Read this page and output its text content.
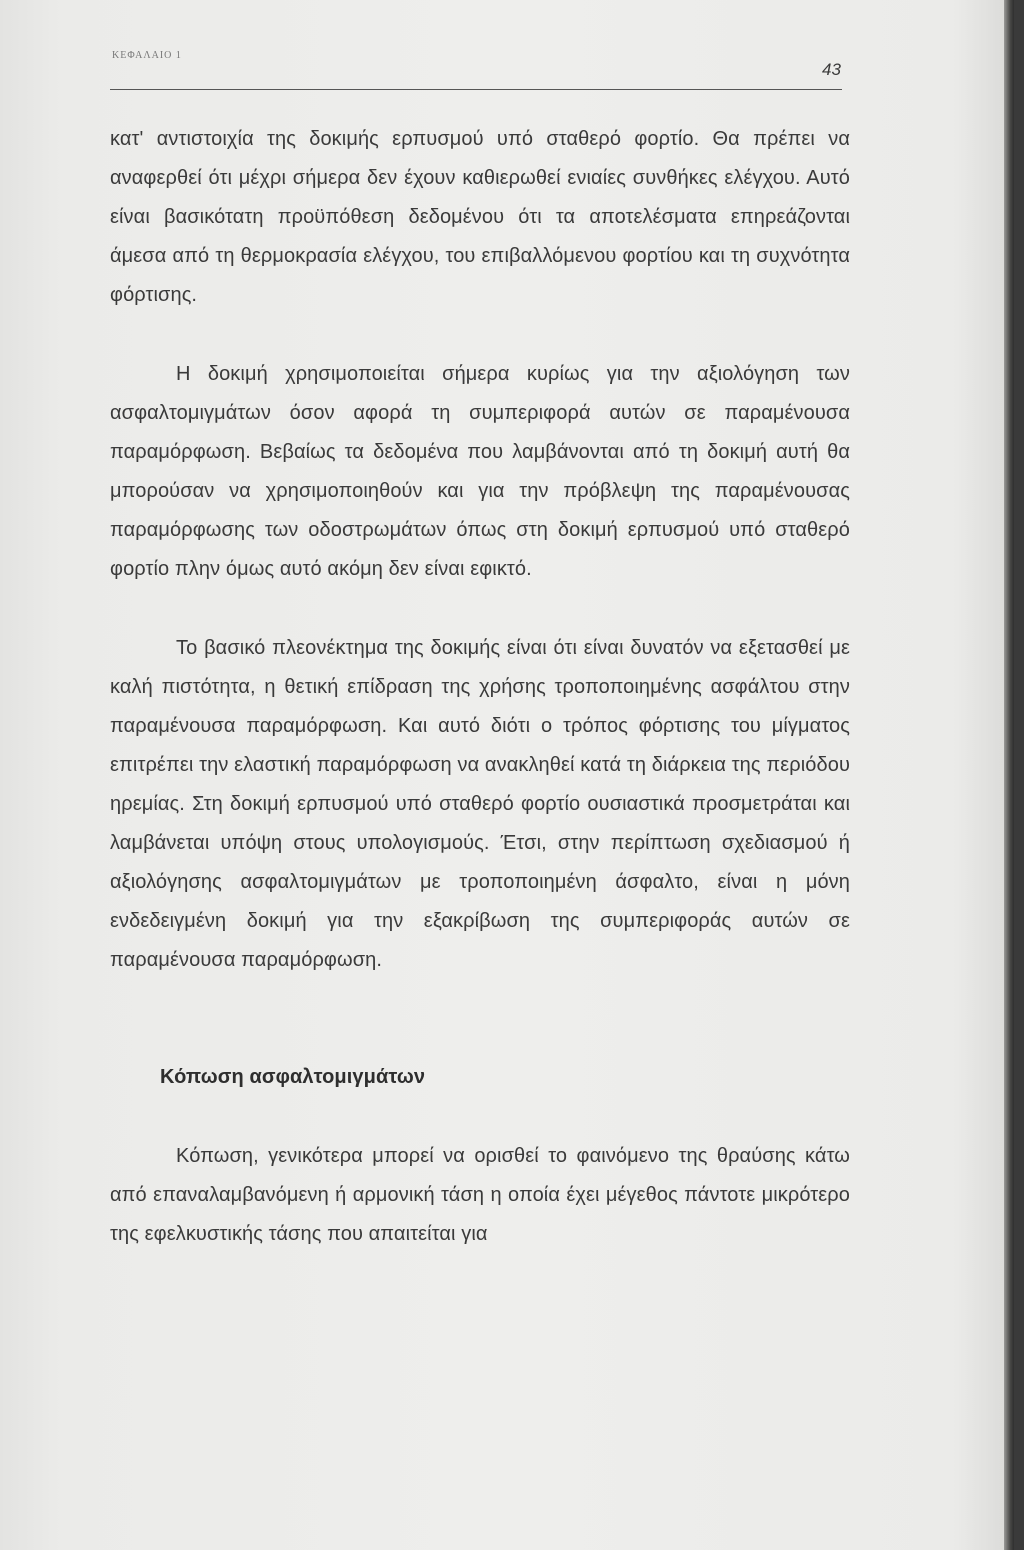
ΚΕΦΑΛΑΙΟ 1
43

κατ' αντιστοιχία της δοκιμής ερπυσμού υπό σταθερό φορτίο. Θα πρέπει να αναφερθεί ότι μέχρι σήμερα δεν έχουν καθιερωθεί ενιαίες συνθήκες ελέγχου. Αυτό είναι βασικότατη προϋπόθεση δεδομένου ότι τα αποτελέσματα επηρεάζονται άμεσα από τη θερμοκρασία ελέγχου, του επιβαλλόμενου φορτίου και τη συχνότητα φόρτισης.

Η δοκιμή χρησιμοποιείται σήμερα κυρίως για την αξιολόγηση των ασφαλτομιγμάτων όσον αφορά τη συμπεριφορά αυτών σε παραμένουσα παραμόρφωση. Βεβαίως τα δεδομένα που λαμβάνονται από τη δοκιμή αυτή θα μπορούσαν να χρησιμοποιηθούν και για την πρόβλεψη της παραμένουσας παραμόρφωσης των οδοστρωμάτων όπως στη δοκιμή ερπυσμού υπό σταθερό φορτίο πλην όμως αυτό ακόμη δεν είναι εφικτό.

Το βασικό πλεονέκτημα της δοκιμής είναι ότι είναι δυνατόν να εξετασθεί με καλή πιστότητα, η θετική επίδραση της χρήσης τροποποιημένης ασφάλτου στην παραμένουσα παραμόρφωση. Και αυτό διότι ο τρόπος φόρτισης του μίγματος επιτρέπει την ελαστική παραμόρφωση να ανακληθεί κατά τη διάρκεια της περιόδου ηρεμίας. Στη δοκιμή ερπυσμού υπό σταθερό φορτίο ουσιαστικά προσμετράται και λαμβάνεται υπόψη στους υπολογισμούς. Έτσι, στην περίπτωση σχεδιασμού ή αξιολόγησης ασφαλτομιγμάτων με τροποποιημένη άσφαλτο, είναι η μόνη ενδεδειγμένη δοκιμή για την εξακρίβωση της συμπεριφοράς αυτών σε παραμένουσα παραμόρφωση.

Κόπωση ασφαλτομιγμάτων

Κόπωση, γενικότερα μπορεί να ορισθεί το φαινόμενο της θραύσης κάτω από επαναλαμβανόμενη ή αρμονική τάση η οποία έχει μέγεθος πάντοτε μικρότερο της εφελκυστικής τάσης που απαιτείται για
